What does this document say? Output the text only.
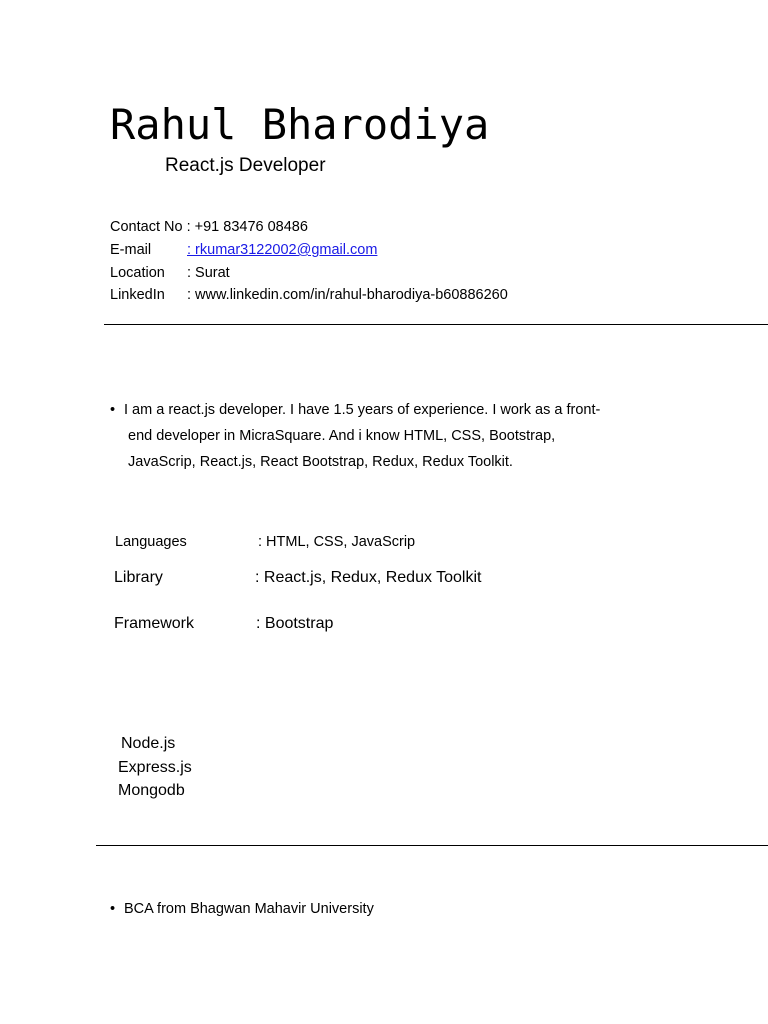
Rahul Bharodiya
React.js Developer
Contact No : +91 83476 08486
E-mail : rkumar3122002@gmail.com
Location : Surat
LinkedIn : www.linkedin.com/in/rahul-bharodiya-b60886260
• I am a react.js developer. I have 1.5 years of experience. I work as a front-
end developer in MicraSquare. And i know HTML, CSS, Bootstrap,
JavaScrip, React.js, React Bootstrap, Redux, Redux Toolkit.
Languages	: HTML, CSS, JavaScrip
Library	: React.js, Redux, Redux Toolkit
Framework	: Bootstrap
Node.js
Express.js
Mongodb
• BCA from Bhagwan Mahavir University
